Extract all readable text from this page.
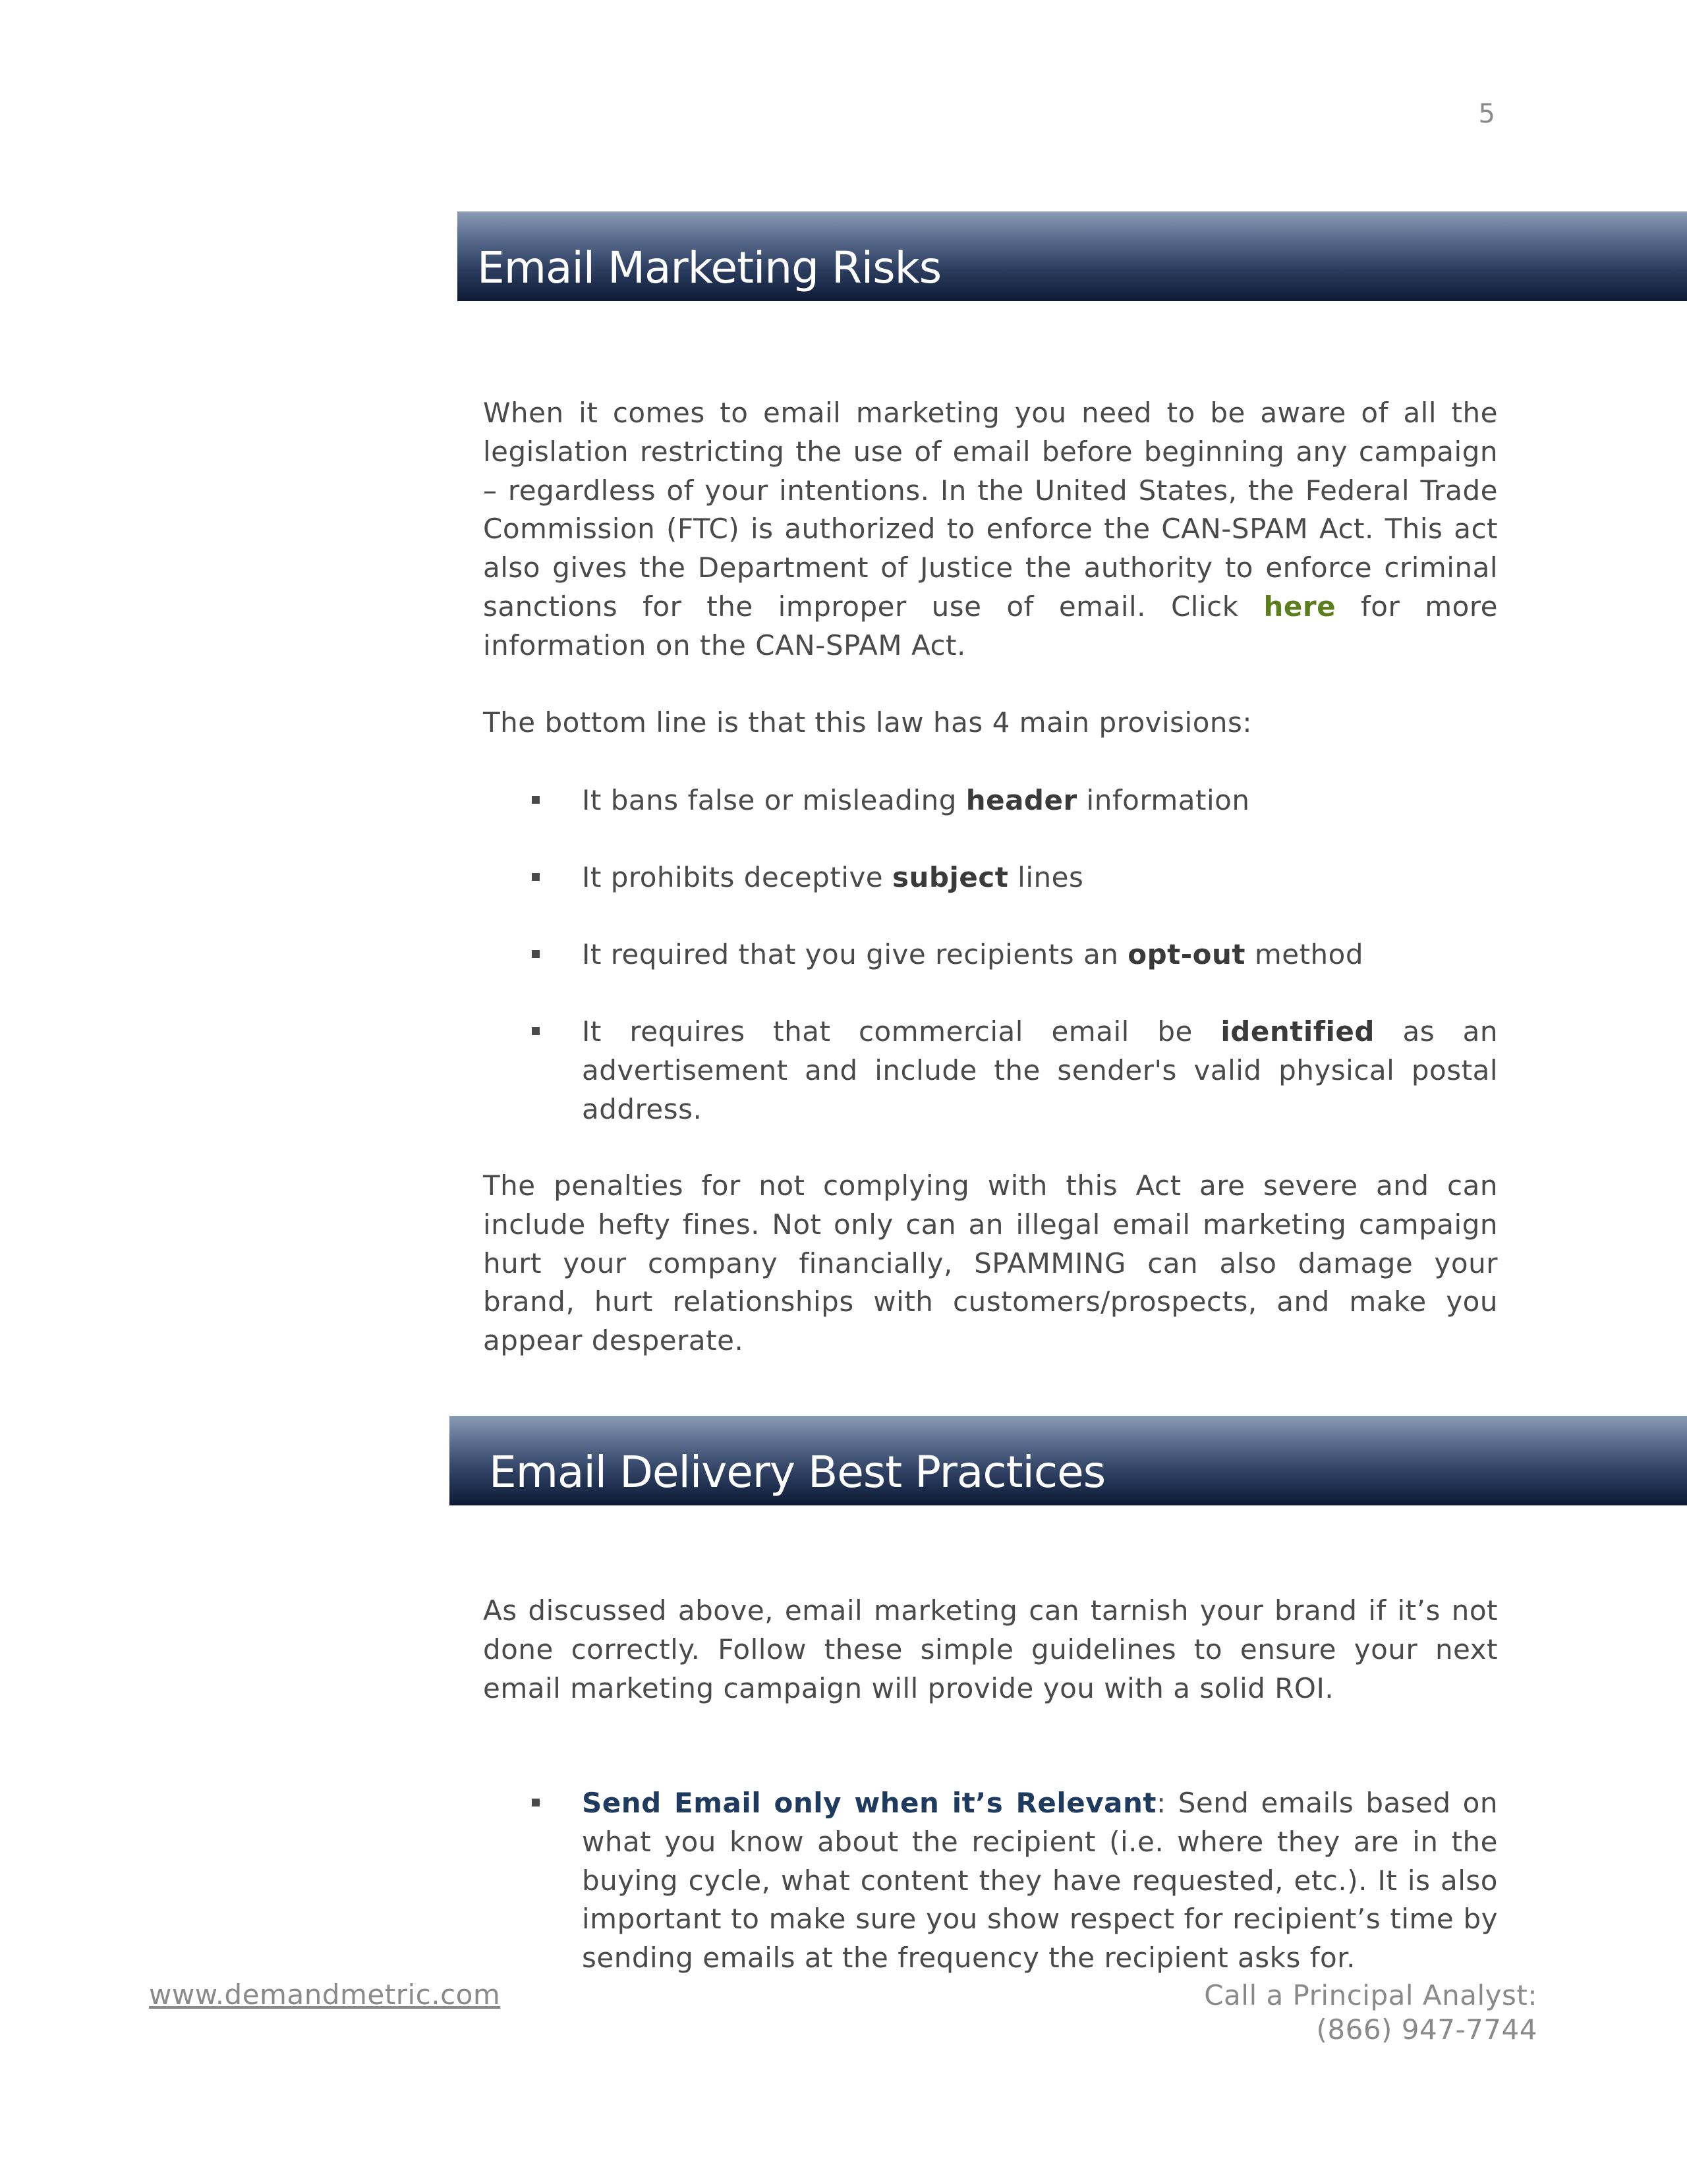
5
Email Marketing Risks

When it comes to email marketing you need to be aware of all the legislation restricting the use of email before beginning any campaign – regardless of your intentions. In the United States, the Federal Trade Commission (FTC) is authorized to enforce the CAN-SPAM Act. This act also gives the Department of Justice the authority to enforce criminal sanctions for the improper use of email. Click here for more information on the CAN-SPAM Act.

The bottom line is that this law has 4 main provisions:

It bans false or misleading header information
It prohibits deceptive subject lines
It required that you give recipients an opt-out method
It requires that commercial email be identified as an advertisement and include the sender's valid physical postal address.

The penalties for not complying with this Act are severe and can include hefty fines. Not only can an illegal email marketing campaign hurt your company financially, SPAMMING can also damage your brand, hurt relationships with customers/prospects, and make you appear desperate.

Email Delivery Best Practices

As discussed above, email marketing can tarnish your brand if it’s not done correctly. Follow these simple guidelines to ensure your next email marketing campaign will provide you with a solid ROI.

Send Email only when it’s Relevant: Send emails based on what you know about the recipient (i.e. where they are in the buying cycle, what content they have requested, etc.). It is also important to make sure you show respect for recipient’s time by sending emails at the frequency the recipient asks for.
www.demandmetric.com	Call a Principal Analyst:
(866) 947-7744
